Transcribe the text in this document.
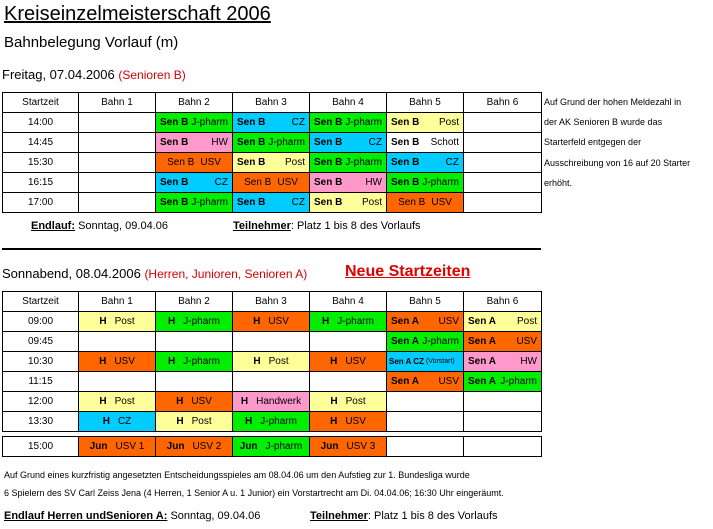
Kreiseinzelmeisterschaft 2006
Bahnbelegung Vorlauf (m)
Freitag, 07.04.2006 (Senioren B)
Startzeit	Bahn 1	Bahn 2	Bahn 3	Bahn 4	Bahn 5	Bahn 6
14:00		Sen B J-pharm	Sen B CZ	Sen B J-pharm	Sen B Post	

14:45		Sen B HW	Sen B J-pharm	Sen B CZ	Sen B Schott	

15:30		Sen B USV	Sen B Post	Sen B J-pharm	Sen B CZ	

16:15		Sen B CZ	Sen B USV	Sen B HW	Sen B J-pharm	

17:00		Sen B J-pharm	Sen B CZ	Sen B Post	Sen B USV	

Auf Grund der hohen Meldezahl in
der AK Senioren B wurde das
Starterfeld entgegen der
Ausschreibung von 16 auf 20 Starter
erhöht.
Endlauf: Sonntag, 09.04.06	Teilnehmer: Platz 1 bis 8 des Vorlaufs
Sonnabend, 08.04.2006 (Herren, Junioren, Senioren A) Neue Startzeiten
Startzeit	Bahn 1	Bahn 2	Bahn 3	Bahn 4	Bahn 5	Bahn 6
09:00	H Post	H J-pharm	H USV	H J-pharm	Sen A USV	Sen A Post

09:45					Sen A J-pharm	Sen A USV

10:30	H USV	H J-pharm	H Post	H USV	Sen A CZ (Vorstart)	Sen A HW

11:15					Sen A USV	Sen A J-pharm

12:00	H Post	H USV	H Handwerk	H Post		

13:30	H CZ	H Post	H J-pharm	H USV		

15:00	Jun USV 1	Jun USV 2	Jun J-pharm	Jun USV 3

Auf Grund eines kurzfristig angesetzten Entscheidungsspieles am 08.04.06 um den Aufstieg zur 1. Bundesliga wurde
6 Spielern des SV Carl Zeiss Jena (4 Herren, 1 Senior A u. 1 Junior) ein Vorstartrecht am Di. 04.04.06; 16:30 Uhr eingeräumt.
Endlauf Herren undSenioren A: Sonntag, 09.04.06	Teilnehmer: Platz 1 bis 8 des Vorlaufs
